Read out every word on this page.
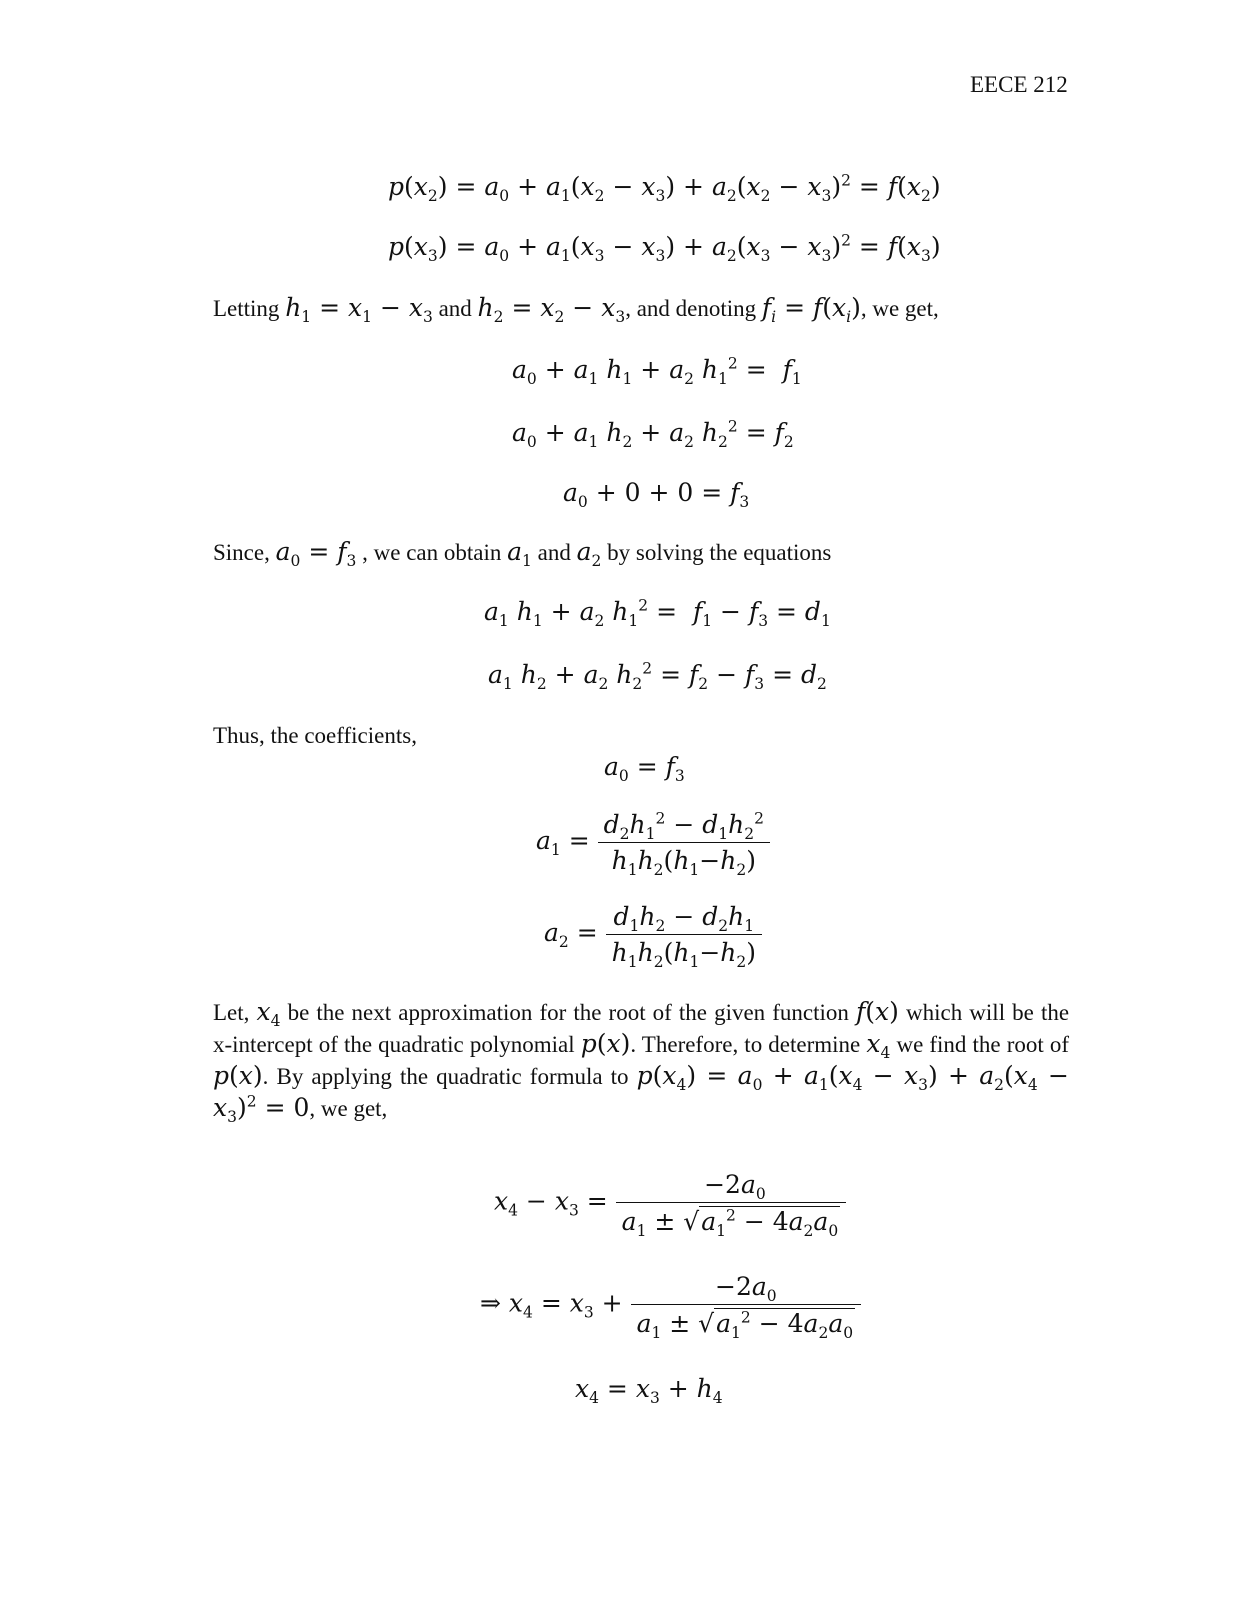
EECE 212
$p(x_2) = a_0 + a_1(x_2 - x_3) + a_2(x_2 - x_3)^2 = f(x_2)$
$p(x_3) = a_0 + a_1(x_3 - x_3) + a_2(x_3 - x_3)^2 = f(x_3)$
Letting $h_1 = x_1 - x_3$ and $h_2 = x_2 - x_3$, and denoting $f_i = f(x_i)$, we get,
$a_0 + a_1$ $h_1 + a_2$ $h_1^2 = f_1$
$a_0 + a_1$ $h_2 + a_2$ $h_2^2 = f_2$
$a_0 + 0 + 0 = f_3$
Since, $a_0 = f_3$ , we can obtain $a_1$ and $a_2$ by solving the equations
$a_1$ $h_1 + a_2$ $h_1^2 = f_1 - f_3 = d_1$
$a_1$ $h_2 + a_2$ $h_2^2 = f_2 - f_3 = d_2$
Thus, the coefficients,
$a_0 = f_3$
$a_1 = \frac{d_2h_1^2 - d_1h_2^2}{h_1h_2(h_1-h_2)}$
$a_2 = \frac{d_1h_2 - d_2h_1}{h_1h_2(h_1-h_2)}$
Let, $x_4$ be the next approximation for the root of the given function f(x) which will be the x-intercept of the quadratic polynomial p(x). Therefore, to determine $x_4$ we find the root of p(x). By applying the quadratic formula to $p(x_4) = a_0 + a_1(x_4 - x_3) + a_2(x_4 - x_3)^2 = 0$, we get,
$x_4 - x_3 = \frac{-2a_0}{a_1 \pm √a_1^2 - 4a_2a_0}$
⇒ $x_4 = x_3 + \frac{-2a_0}{a_1 \pm √a_1^2 - 4a_2a_0}$
$x_4 = x_3 + h_4$
